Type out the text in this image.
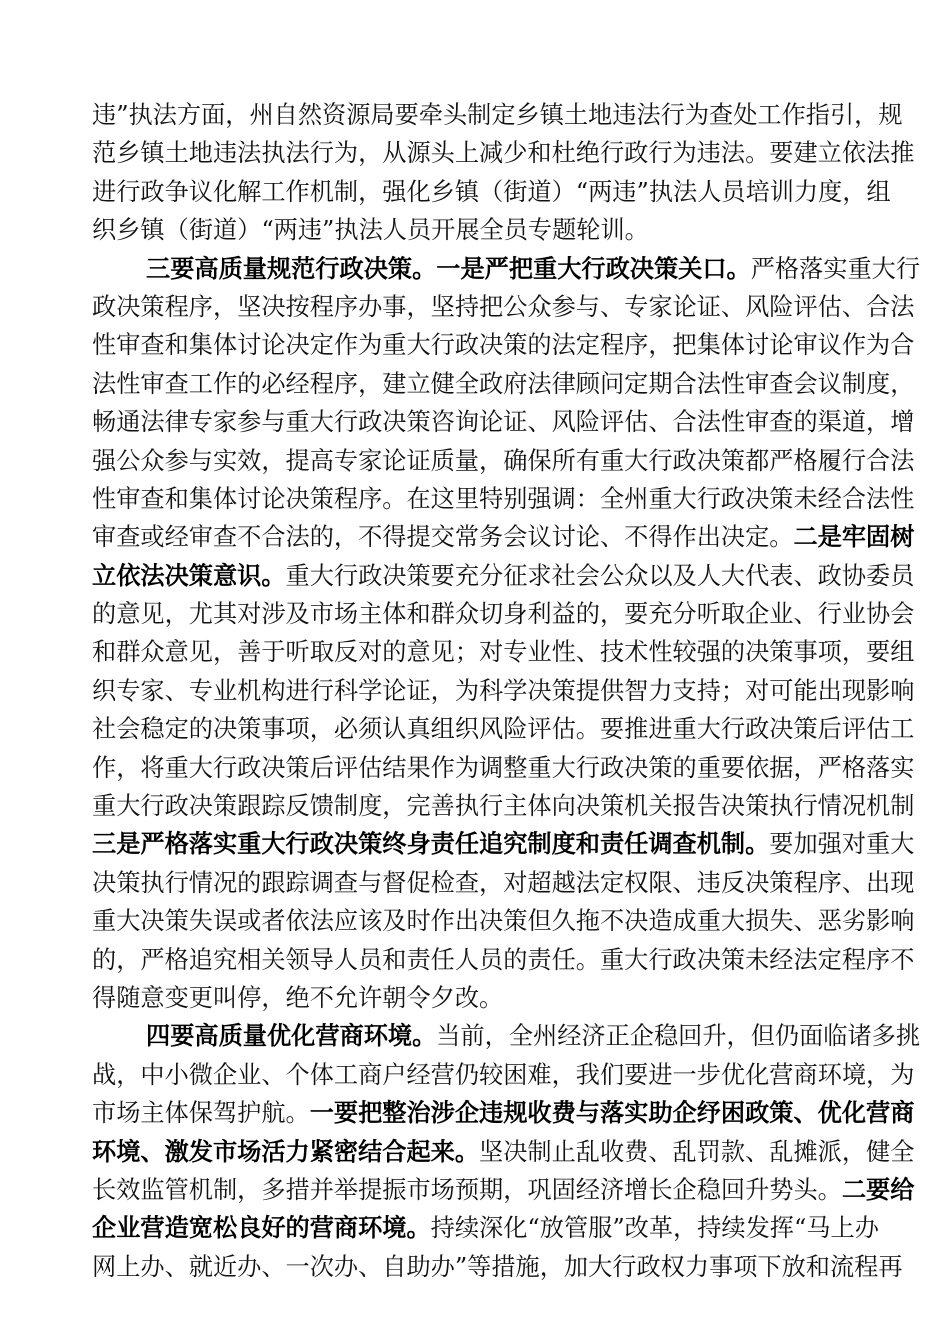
违”执法方面，州自然资源局要牵头制定乡镇土地违法行为查处工作指引，规
范乡镇土地违法执法行为，从源头上减少和杜绝行政行为违法。要建立依法推
进行政争议化解工作机制，强化乡镇（街道）“两违”执法人员培训力度，组
织乡镇（街道）“两违”执法人员开展全员专题轮训。
三要高质量规范行政决策。一是严把重大行政决策关口。严格落实重大行
政决策程序，坚决按程序办事，坚持把公众参与、专家论证、风险评估、合法
性审查和集体讨论决定作为重大行政决策的法定程序，把集体讨论审议作为合
法性审查工作的必经程序，建立健全政府法律顾问定期合法性审查会议制度，
畅通法律专家参与重大行政决策咨询论证、风险评估、合法性审查的渠道，增
强公众参与实效，提高专家论证质量，确保所有重大行政决策都严格履行合法
性审查和集体讨论决策程序。在这里特别强调：全州重大行政决策未经合法性
审查或经审查不合法的，不得提交常务会议讨论、不得作出决定。二是牢固树
立依法决策意识。重大行政决策要充分征求社会公众以及人大代表、政协委员
的意见，尤其对涉及市场主体和群众切身利益的，要充分听取企业、行业协会
和群众意见，善于听取反对的意见；对专业性、技术性较强的决策事项，要组
织专家、专业机构进行科学论证，为科学决策提供智力支持；对可能出现影响
社会稳定的决策事项，必须认真组织风险评估。要推进重大行政决策后评估工
作，将重大行政决策后评估结果作为调整重大行政决策的重要依据，严格落实
重大行政决策跟踪反馈制度，完善执行主体向决策机关报告决策执行情况机制
三是严格落实重大行政决策终身责任追究制度和责任调查机制。要加强对重大
决策执行情况的跟踪调查与督促检查，对超越法定权限、违反决策程序、出现
重大决策失误或者依法应该及时作出决策但久拖不决造成重大损失、恶劣影响
的，严格追究相关领导人员和责任人员的责任。重大行政决策未经法定程序不
得随意变更叫停，绝不允许朝令夕改。
四要高质量优化营商环境。当前，全州经济正企稳回升，但仍面临诸多挑
战，中小微企业、个体工商户经营仍较困难，我们要进一步优化营商环境，为
市场主体保驾护航。一要把整治涉企违规收费与落实助企纾困政策、优化营商
环境、激发市场活力紧密结合起来。坚决制止乱收费、乱罚款、乱摊派，健全
长效监管机制，多措并举提振市场预期，巩固经济增长企稳回升势头。二要给
企业营造宽松良好的营商环境。持续深化“放管服”改革，持续发挥“马上办
网上办、就近办、一次办、自助办”等措施，加大行政权力事项下放和流程再
